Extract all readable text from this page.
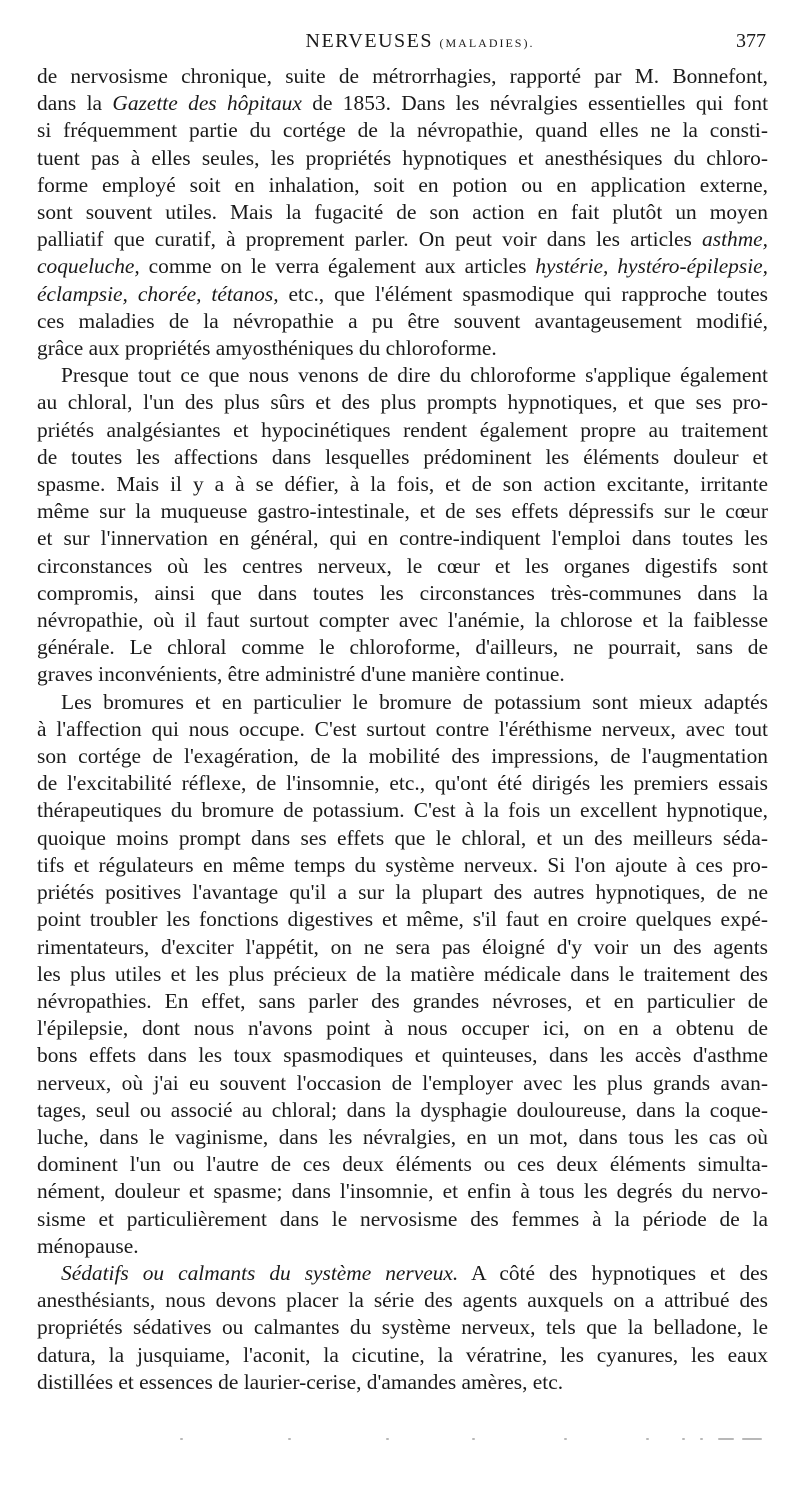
NERVEUSES (MALADIES).	377
de nervosisme chronique, suite de métrorrhagies, rapporté par M. Bonnefont,
dans la Gazette des hôpitaux de 1853. Dans les névralgies essentielles qui font
si fréquemment partie du cortége de la névropathie, quand elles ne la consti-
tuent pas à elles seules, les propriétés hypnotiques et anesthésiques du chloro-
forme employé soit en inhalation, soit en potion ou en application externe,
sont souvent utiles. Mais la fugacité de son action en fait plutôt un moyen
palliatif que curatif, à proprement parler. On peut voir dans les articles asthme,
coqueluche, comme on le verra également aux articles hystérie, hystéro-épilepsie,
éclampsie, chorée, tétanos, etc., que l'élément spasmodique qui rapproche toutes
ces maladies de la névropathie a pu être souvent avantageusement modifié,
grâce aux propriétés amyosthéniques du chloroforme.
Presque tout ce que nous venons de dire du chloroforme s'applique également
au chloral, l'un des plus sûrs et des plus prompts hypnotiques, et que ses pro-
priétés analgésiantes et hypocinétiques rendent également propre au traitement
de toutes les affections dans lesquelles prédominent les éléments douleur et
spasme. Mais il y a à se défier, à la fois, et de son action excitante, irritante
même sur la muqueuse gastro-intestinale, et de ses effets dépressifs sur le cœur
et sur l'innervation en général, qui en contre-indiquent l'emploi dans toutes les
circonstances où les centres nerveux, le cœur et les organes digestifs sont
compromis, ainsi que dans toutes les circonstances très-communes dans la
névropathie, où il faut surtout compter avec l'anémie, la chlorose et la faiblesse
générale. Le chloral comme le chloroforme, d'ailleurs, ne pourrait, sans de
graves inconvénients, être administré d'une manière continue.
Les bromures et en particulier le bromure de potassium sont mieux adaptés
à l'affection qui nous occupe. C'est surtout contre l'éréthisme nerveux, avec tout
son cortége de l'exagération, de la mobilité des impressions, de l'augmentation
de l'excitabilité réflexe, de l'insomnie, etc., qu'ont été dirigés les premiers essais
thérapeutiques du bromure de potassium. C'est à la fois un excellent hypnotique,
quoique moins prompt dans ses effets que le chloral, et un des meilleurs séda-
tifs et régulateurs en même temps du système nerveux. Si l'on ajoute à ces pro-
priétés positives l'avantage qu'il a sur la plupart des autres hypnotiques, de ne
point troubler les fonctions digestives et même, s'il faut en croire quelques expé-
rimentateurs, d'exciter l'appétit, on ne sera pas éloigné d'y voir un des agents
les plus utiles et les plus précieux de la matière médicale dans le traitement des
névropathies. En effet, sans parler des grandes névroses, et en particulier de
l'épilepsie, dont nous n'avons point à nous occuper ici, on en a obtenu de
bons effets dans les toux spasmodiques et quinteuses, dans les accès d'asthme
nerveux, où j'ai eu souvent l'occasion de l'employer avec les plus grands avan-
tages, seul ou associé au chloral; dans la dysphagie douloureuse, dans la coque-
luche, dans le vaginisme, dans les névralgies, en un mot, dans tous les cas où
dominent l'un ou l'autre de ces deux éléments ou ces deux éléments simulta-
nément, douleur et spasme; dans l'insomnie, et enfin à tous les degrés du nervo-
sisme et particulièrement dans le nervosisme des femmes à la période de la
ménopause.
Sédatifs ou calmants du système nerveux. A côté des hypnotiques et des
anesthésiants, nous devons placer la série des agents auxquels on a attribué des
propriétés sédatives ou calmantes du système nerveux, tels que la belladone, le
datura, la jusquiame, l'aconit, la cicutine, la vératrine, les cyanures, les eaux
distillées et essences de laurier-cerise, d'amandes amères, etc.
